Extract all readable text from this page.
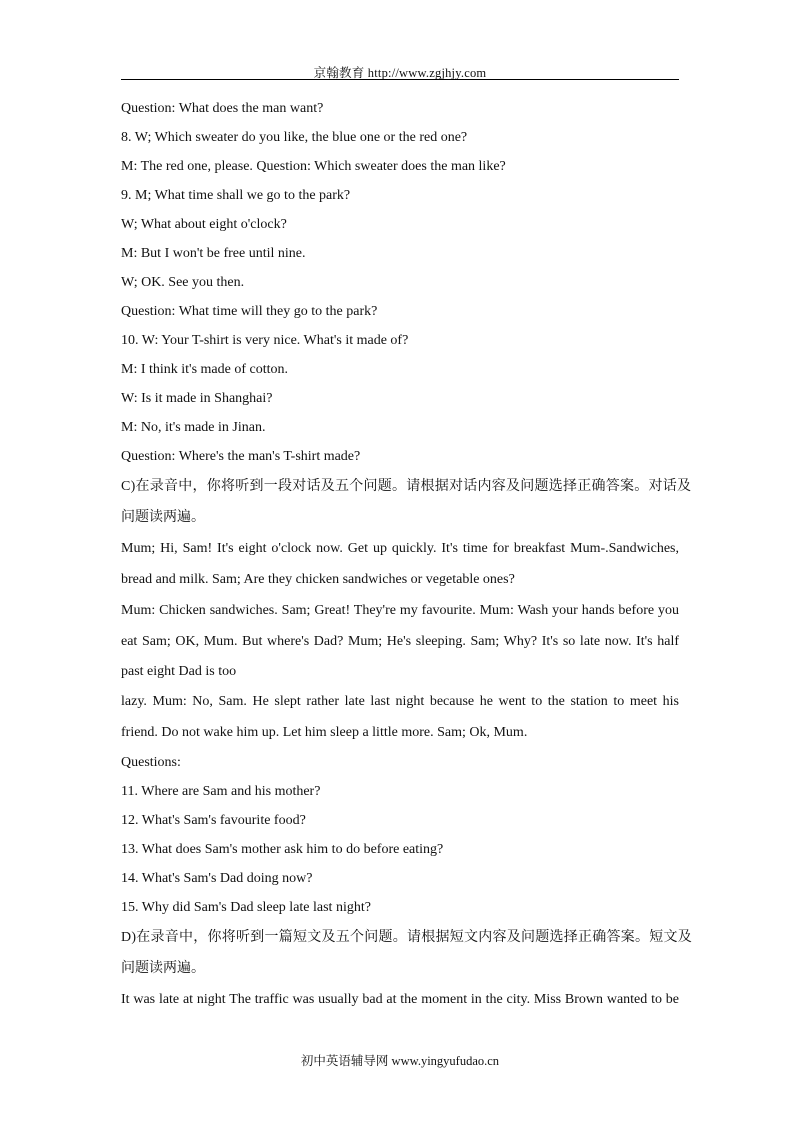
京翰教育 http://www.zgjhjy.com
Question: What does the man want?
8. W; Which sweater do you like, the blue one or the red one?
M: The red one, please. Question: Which sweater does the man like?
9. M; What time shall we go to the park?
W; What about eight o'clock?
M: But I won't be free until nine.
W; OK. See you then.
Question: What time will they go to the park?
10. W: Your T-shirt is very nice. What's it made of?
M: I think it's made of cotton.
W: Is it made in Shanghai?
M: No, it's made in Jinan.
Question: Where's the man's T-shirt made?
C)在录音中，你将听到一段对话及五个问题。请根据对话内容及问题选择正确答案。对话及
问题读两遍。
Mum; Hi, Sam! It's eight o'clock now. Get up quickly. It's time for breakfast Mum-.Sandwiches,
bread and milk. Sam; Are they chicken sandwiches or vegetable ones?
Mum: Chicken sandwiches. Sam; Great! They're my favourite. Mum: Wash your hands before you
eat Sam; OK, Mum. But where's Dad? Mum; He's sleeping. Sam; Why? It's so late now. It's half
past eight Dad is too
lazy. Mum: No, Sam. He slept rather late last night because he went to the station to meet his
friend. Do not wake him up. Let him sleep a little more. Sam; Ok, Mum.
Questions:
11. Where are Sam and his mother?
12. What's Sam's favourite food?
13. What does Sam's mother ask him to do before eating?
14. What's Sam's Dad doing now?
15. Why did Sam's Dad sleep late last night?
D)在录音中，你将听到一篇短文及五个问题。请根据短文内容及问题选择正确答案。短文及
问题读两遍。
It was late at night The traffic was usually bad at the moment in the city. Miss Brown wanted to be
初中英语辅导网 www.yingyufudao.cn
